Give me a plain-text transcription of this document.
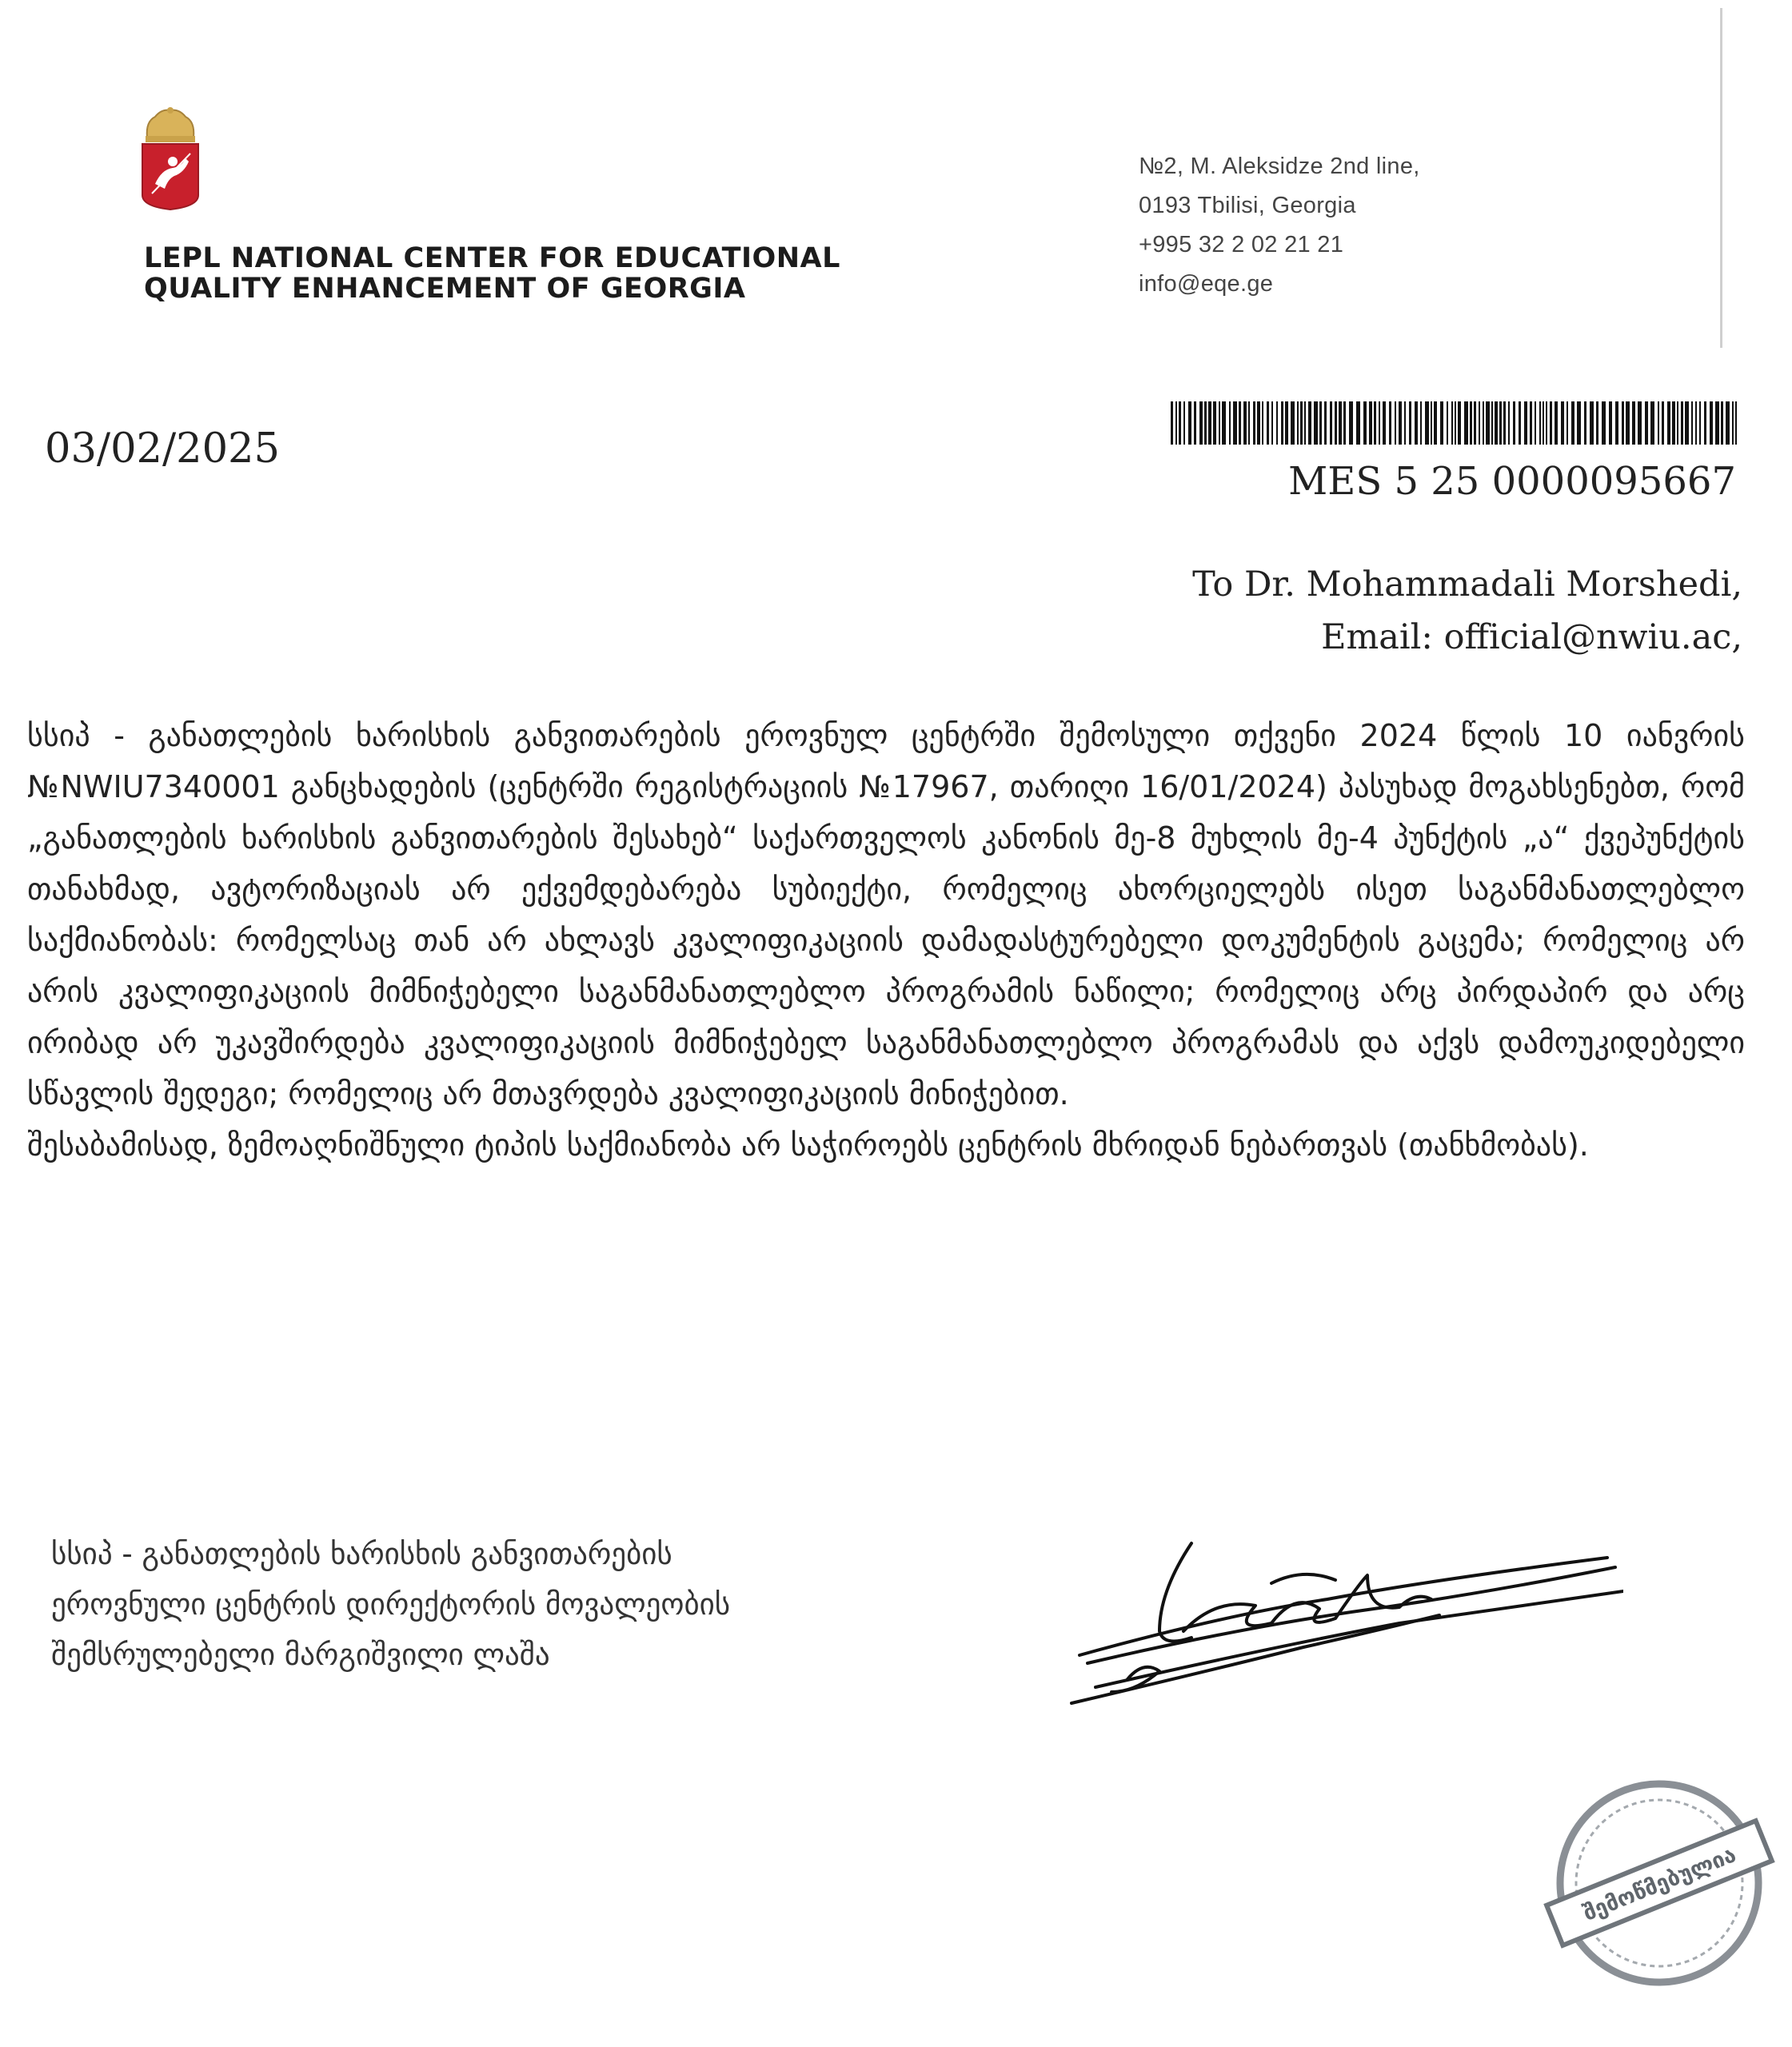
LEPL NATIONAL CENTER FOR EDUCATIONAL
QUALITY ENHANCEMENT OF GEORGIA
№2, M. Aleksidze 2nd line,
0193 Tbilisi, Georgia
+995 32 2 02 21 21
info@eqe.ge
03/02/2025
MES 5 25 0000095667
To Dr. Mohammadali Morshedi,
Email: official@nwiu.ac,

სსიპ - განათლების ხარისხის განვითარების ეროვნულ ცენტრში შემოსული თქვენი 2024 წლის 10 იანვრის №NWIU7340001 განცხადების (ცენტრში რეგისტრაციის №17967, თარიღი 16/01/2024) პასუხად მოგახსენებთ, რომ „განათლების ხარისხის განვითარების შესახებ“ საქართველოს კანონის მე-8 მუხლის მე-4 პუნქტის „ა“ ქვეპუნქტის თანახმად, ავტორიზაციას არ ექვემდებარება სუბიექტი, რომელიც ახორციელებს ისეთ საგანმანათლებლო საქმიანობას: რომელსაც თან არ ახლავს კვალიფიკაციის დამადასტურებელი დოკუმენტის გაცემა; რომელიც არ არის კვალიფიკაციის მიმნიჭებელი საგანმანათლებლო პროგრამის ნაწილი; რომელიც არც პირდაპირ და არც ირიბად არ უკავშირდება კვალიფიკაციის მიმნიჭებელ საგანმანათლებლო პროგრამას და აქვს დამოუკიდებელი სწავლის შედეგი; რომელიც არ მთავრდება კვალიფიკაციის მინიჭებით.

შესაბამისად, ზემოაღნიშნული ტიპის საქმიანობა არ საჭიროებს ცენტრის მხრიდან ნებართვას (თანხმობას).

სსიპ - განათლების ხარისხის განვითარების
ეროვნული ცენტრის დირექტორის მოვალეობის
შემსრულებელი მარგიშვილი ლაშა
შემოწმებულია
